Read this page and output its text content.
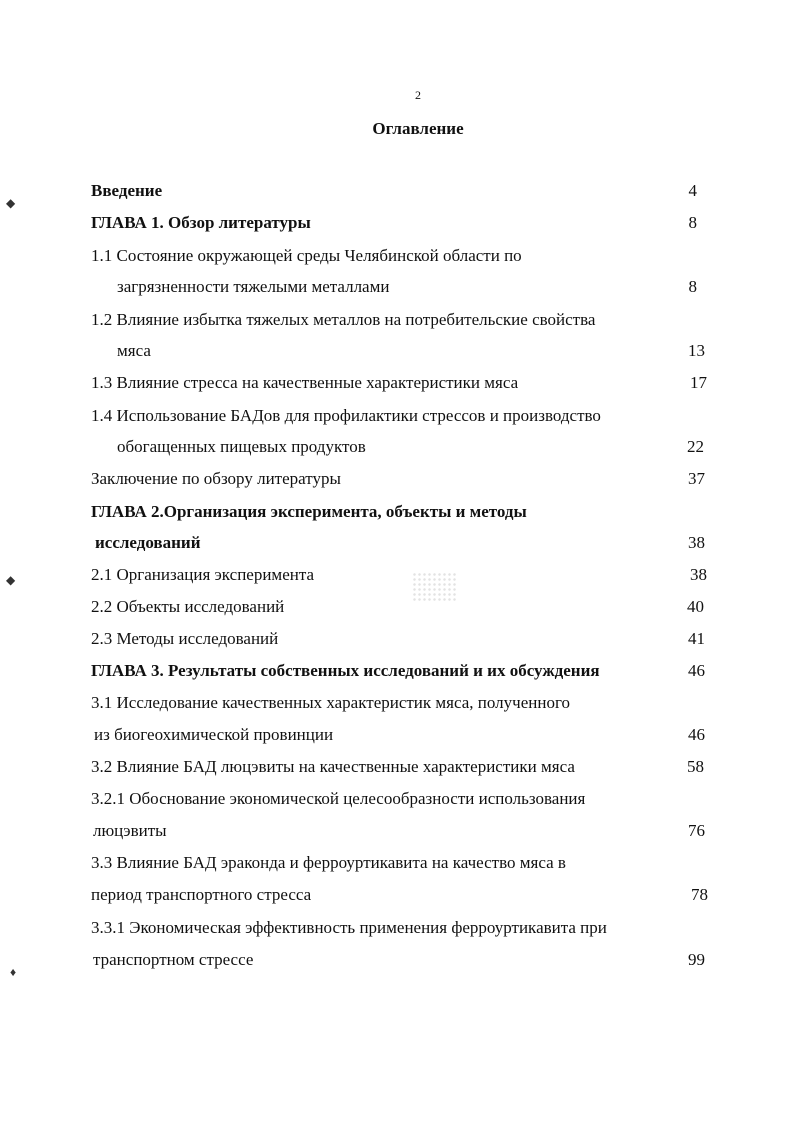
2
Оглавление
◆
◆
♦
Введение	4
ГЛАВА 1. Обзор литературы	8
1.1 Состояние окружающей среды Челябинской области по
загрязненности тяжелыми металлами	8
1.2 Влияние избытка тяжелых металлов на потребительские свойства
мяса	13
1.3 Влияние стресса на качественные характеристики мяса	17
1.4 Использование БАДов для профилактики стрессов и производство
обогащенных пищевых продуктов	22
Заключение по обзору литературы	37
ГЛАВА 2.Организация эксперимента, объекты и методы
исследований	38
2.1 Организация эксперимента	38
2.2 Объекты исследований	40
2.3 Методы исследований	41
ГЛАВА 3. Результаты собственных исследований и их обсуждения	46
3.1 Исследование качественных характеристик мяса, полученного
из биогеохимической провинции	46
3.2 Влияние БАД люцэвиты на качественные характеристики мяса	58
3.2.1 Обоснование экономической целесообразности использования
люцэвиты	76
3.3 Влияние БАД эраконда и ферроуртикавита на качество мяса в
период транспортного стресса	78
3.3.1 Экономическая эффективность применения ферроуртикавита при
транспортном стрессе	99
